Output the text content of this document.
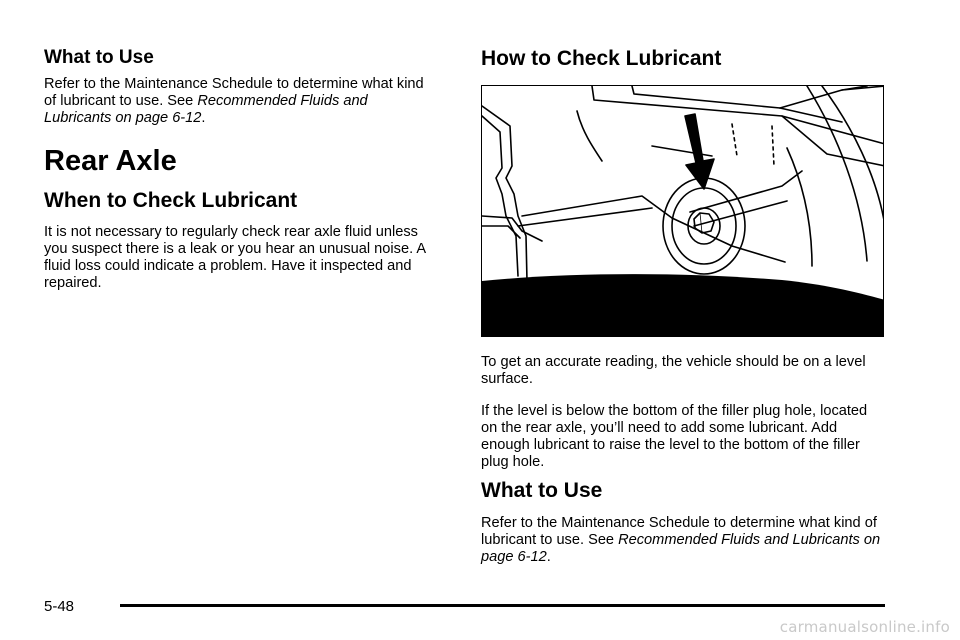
What to Use

Refer to the Maintenance Schedule to determine what kind of lubricant to use. See Recommended Fluids and Lubricants on page 6-12.

Rear Axle
When to Check Lubricant

It is not necessary to regularly check rear axle fluid unless you suspect there is a leak or you hear an unusual noise. A fluid loss could indicate a problem. Have it inspected and repaired.

How to Check Lubricant

To get an accurate reading, the vehicle should be on a level surface.

If the level is below the bottom of the filler plug hole, located on the rear axle, you’ll need to add some lubricant. Add enough lubricant to raise the level to the bottom of the filler plug hole.

What to Use

Refer to the Maintenance Schedule to determine what kind of lubricant to use. See Recommended Fluids and Lubricants on page 6-12.

5-48
carmanualsonline.info
